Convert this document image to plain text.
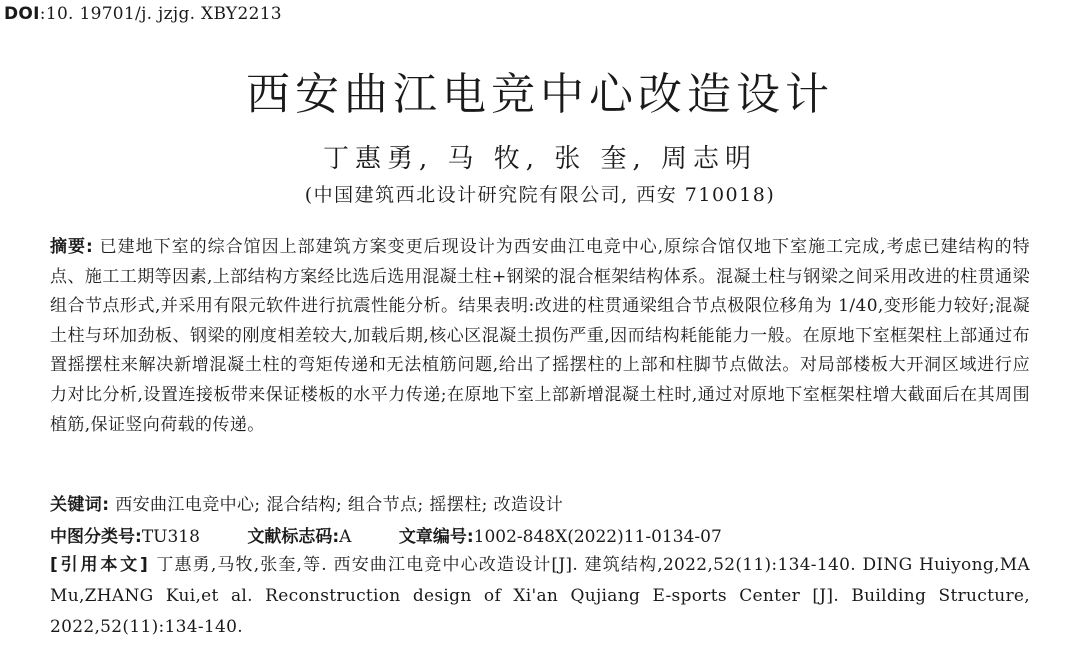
DOI:10. 19701/j. jzjg. XBY2213
西安曲江电竞中心改造设计
丁惠勇, 马 牧, 张 奎, 周志明
(中国建筑西北设计研究院有限公司, 西安 710018)
摘要: 已建地下室的综合馆因上部建筑方案变更后现设计为西安曲江电竞中心,原综合馆仅地下室施工完成,考虑已建结构的特点、施工工期等因素,上部结构方案经比选后选用混凝土柱+钢梁的混合框架结构体系。混凝土柱与钢梁之间采用改进的柱贯通梁组合节点形式,并采用有限元软件进行抗震性能分析。结果表明:改进的柱贯通梁组合节点极限位移角为 1/40,变形能力较好;混凝土柱与环加劲板、钢梁的刚度相差较大,加载后期,核心区混凝土损伤严重,因而结构耗能能力一般。在原地下室框架柱上部通过布置摇摆柱来解决新增混凝土柱的弯矩传递和无法植筋问题,给出了摇摆柱的上部和柱脚节点做法。对局部楼板大开洞区域进行应力对比分析,设置连接板带来保证楼板的水平力传递;在原地下室上部新增混凝土柱时,通过对原地下室框架柱增大截面后在其周围植筋,保证竖向荷载的传递。
关键词: 西安曲江电竞中心; 混合结构; 组合节点; 摇摆柱; 改造设计
中图分类号:TU318	文献标志码:A	文章编号:1002-848X(2022)11-0134-07
[引用本文] 丁惠勇,马牧,张奎,等. 西安曲江电竞中心改造设计[J]. 建筑结构,2022,52(11):134-140. DING Huiyong,MA Mu,ZHANG Kui,et al. Reconstruction design of Xi'an Qujiang E-sports Center [J]. Building Structure, 2022,52(11):134-140.
